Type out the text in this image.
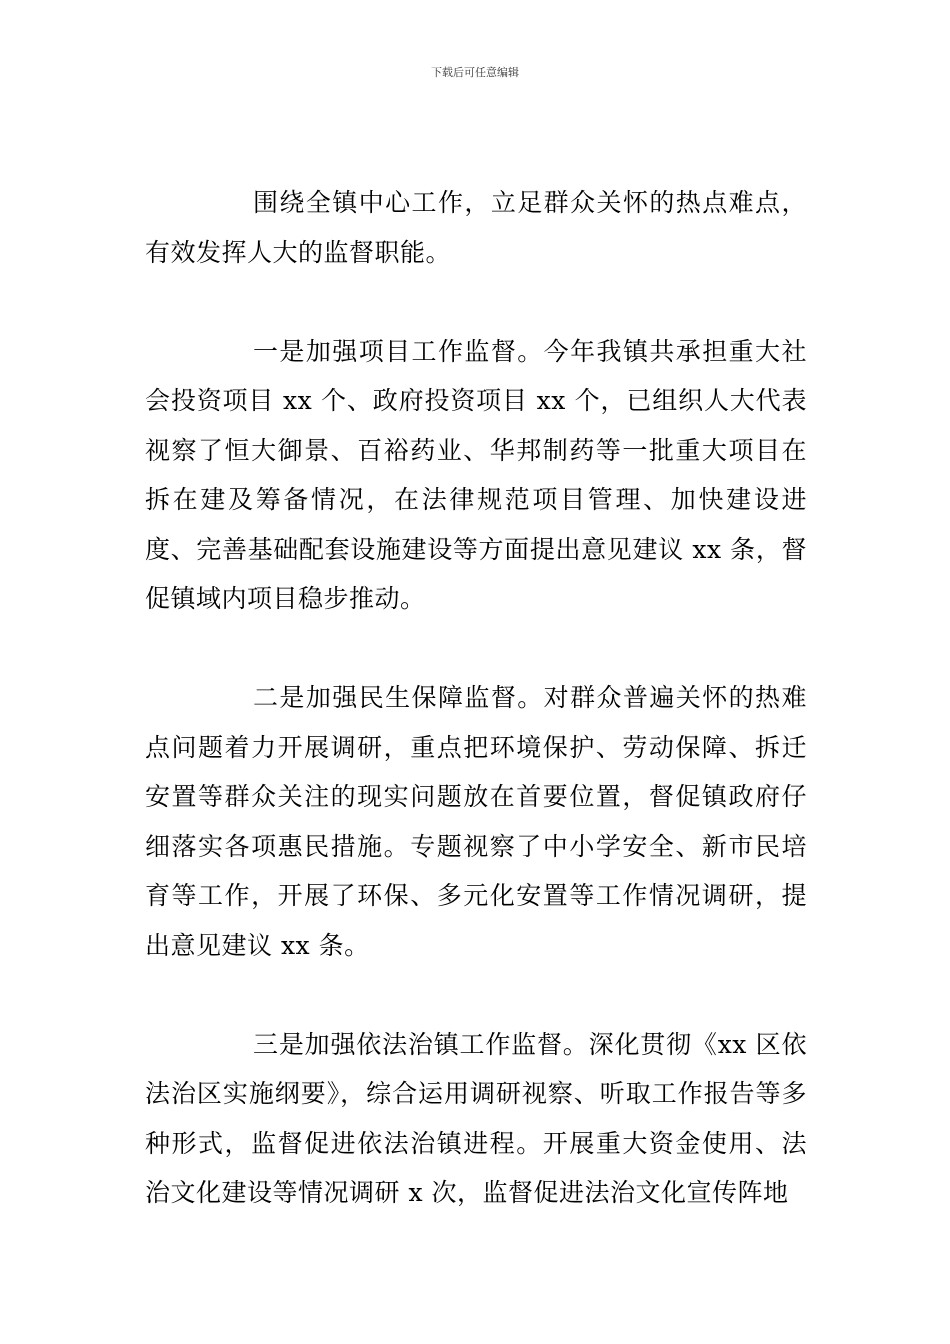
下载后可任意编辑

围绕全镇中心工作，立足群众关怀的热点难点，有效发挥人大的监督职能。

一是加强项目工作监督。今年我镇共承担重大社会投资项目 xx 个、政府投资项目 xx 个，已组织人大代表视察了恒大御景、百裕药业、华邦制药等一批重大项目在拆在建及筹备情况，在法律规范项目管理、加快建设进度、完善基础配套设施建设等方面提出意见建议 xx 条，督促镇域内项目稳步推动。

二是加强民生保障监督。对群众普遍关怀的热难点问题着力开展调研，重点把环境保护、劳动保障、拆迁安置等群众关注的现实问题放在首要位置，督促镇政府仔细落实各项惠民措施。专题视察了中小学安全、新市民培育等工作，开展了环保、多元化安置等工作情况调研，提出意见建议 xx 条。

三是加强依法治镇工作监督。深化贯彻《xx 区依法治区实施纲要》，综合运用调研视察、听取工作报告等多种形式，监督促进依法治镇进程。开展重大资金使用、法治文化建设等情况调研 x 次，监督促进法治文化宣传阵地
